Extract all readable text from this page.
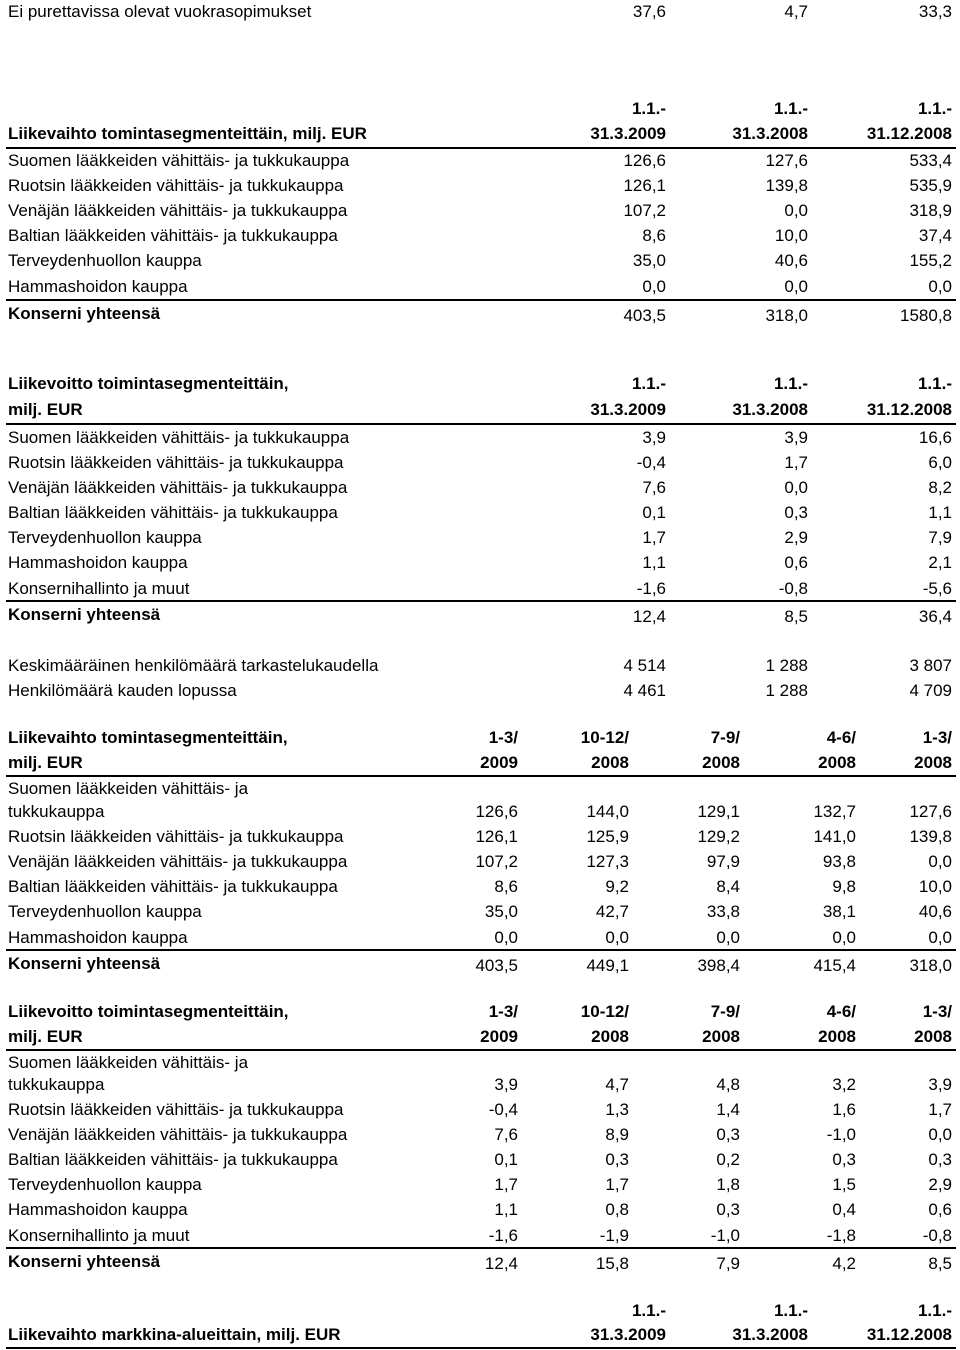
Ei purettavissa olevat vuokrasopimukset	37,6	4,7	33,3
1.1.-	1.1.-	1.1.-
Liikevaihto tomintasegmenteittäin, milj. EUR	31.3.2009	31.3.2008	31.12.2008
Suomen lääkkeiden vähittäis- ja tukkukauppa	126,6	127,6	533,4
Ruotsin lääkkeiden vähittäis- ja tukkukauppa	126,1	139,8	535,9
Venäjän lääkkeiden vähittäis- ja tukkukauppa	107,2	0,0	318,9
Baltian lääkkeiden vähittäis- ja tukkukauppa	8,6	10,0	37,4
Terveydenhuollon kauppa	35,0	40,6	155,2
Hammashoidon kauppa	0,0	0,0	0,0
Konserni yhteensä	403,5	318,0	1580,8
Liikevoitto toimintasegmenteittäin,	1.1.-	1.1.-	1.1.-
milj. EUR	31.3.2009	31.3.2008	31.12.2008
Suomen lääkkeiden vähittäis- ja tukkukauppa	3,9	3,9	16,6
Ruotsin lääkkeiden vähittäis- ja tukkukauppa	-0,4	1,7	6,0
Venäjän lääkkeiden vähittäis- ja tukkukauppa	7,6	0,0	8,2
Baltian lääkkeiden vähittäis- ja tukkukauppa	0,1	0,3	1,1
Terveydenhuollon kauppa	1,7	2,9	7,9
Hammashoidon kauppa	1,1	0,6	2,1
Konsernihallinto ja muut	-1,6	-0,8	-5,6
Konserni yhteensä	12,4	8,5	36,4
Keskimääräinen henkilömäärä tarkastelukaudella	4 514	1 288	3 807
Henkilömäärä kauden lopussa	4 461	1 288	4 709
Liikevaihto tomintasegmenteittäin,	1-3/	10-12/	7-9/	4-6/	1-3/
milj. EUR	2009	2008	2008	2008	2008
Suomen lääkkeiden vähittäis- ja
tukkukauppa	126,6	144,0	129,1	132,7	127,6
Ruotsin lääkkeiden vähittäis- ja tukkukauppa	126,1	125,9	129,2	141,0	139,8
Venäjän lääkkeiden vähittäis- ja tukkukauppa	107,2	127,3	97,9	93,8	0,0
Baltian lääkkeiden vähittäis- ja tukkukauppa	8,6	9,2	8,4	9,8	10,0
Terveydenhuollon kauppa	35,0	42,7	33,8	38,1	40,6
Hammashoidon kauppa	0,0	0,0	0,0	0,0	0,0
Konserni yhteensä	403,5	449,1	398,4	415,4	318,0
Liikevoitto toimintasegmenteittäin,	1-3/	10-12/	7-9/	4-6/	1-3/
milj. EUR	2009	2008	2008	2008	2008
Suomen lääkkeiden vähittäis- ja
tukkukauppa	3,9	4,7	4,8	3,2	3,9
Ruotsin lääkkeiden vähittäis- ja tukkukauppa	-0,4	1,3	1,4	1,6	1,7
Venäjän lääkkeiden vähittäis- ja tukkukauppa	7,6	8,9	0,3	-1,0	0,0
Baltian lääkkeiden vähittäis- ja tukkukauppa	0,1	0,3	0,2	0,3	0,3
Terveydenhuollon kauppa	1,7	1,7	1,8	1,5	2,9
Hammashoidon kauppa	1,1	0,8	0,3	0,4	0,6
Konsernihallinto ja muut	-1,6	-1,9	-1,0	-1,8	-0,8
Konserni yhteensä	12,4	15,8	7,9	4,2	8,5
1.1.-	1.1.-	1.1.-
Liikevaihto markkina-alueittain, milj. EUR	31.3.2009	31.3.2008	31.12.2008
